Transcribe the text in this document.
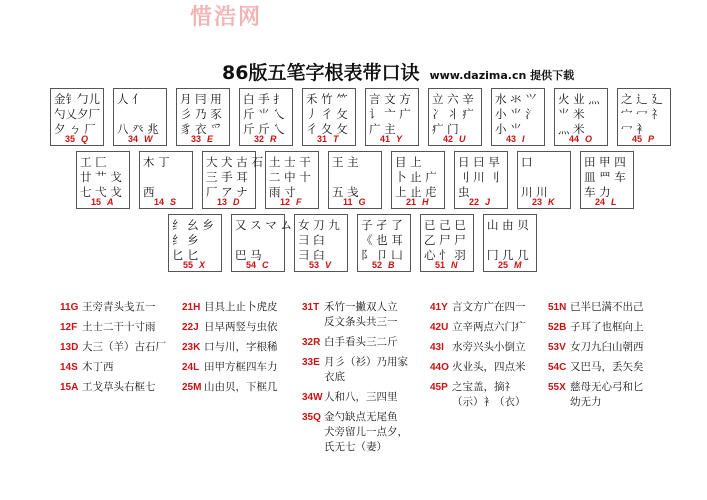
惜浩网
86版五笔字根表带口诀 www.dazima.cn 提供下载
金钅勹儿
勺乂夕厂
夕 ㄅ 厂
35 Q
人 亻

八 癶 兆
34 W
月 冃 用
彡 乃 豕
豸 衣 爫
33 E
白 手 扌
斤 ⺌ 乀
斤 斤 乀
32 R
禾 竹 ⺮
丿 彳 攵
彳 夂 攵
31 T
言 文 方
讠 亠 广
广 主
41 Y
立 六 辛
冫 丬 疒
疒 门
42 U
水 氺 ⺍
小 ⺌ 氵
小 ⺌
43 I
火 业 灬
⺌ 米
灬 米
44 O
之 辶 廴
宀 冖 礻
冖 衤
45 P
工 匚
廿 艹 戈
七 弋 戈
15 A
木 丁

西
14 S
大 犬 古 石
三 手 耳
厂 ア ナ
13 D
土 士 干
二 中 十
雨 寸
12 F
王 主

五 戋
11 G
目 上
卜 止 广
上 止 虍
21 H
日 曰 早
刂 川 刂
虫
22 J
口

川 川
23 K
田 甲 四
皿 罒 车
车 力
24 L
纟 幺 乡
纟 乡
匕 匕
55 X
又 ス マ ム

巴 马
54 C
女 刀 九
彐 臼
彐 臼
53 V
子 孑 了
《 也 耳
阝 卩 凵
52 B
已 己 巳
乙 尸 尸
心 忄 羽
51 N
山 由 贝

冂 几 几
25 M
11G 王旁青头戋五一
12F 土士二干十寸雨
13D 大三（羊）古石厂
14S 木丁西
15A 工戈草头右框七
21H 目具上止卜虎皮
22J 日早两竖与虫依
23K 口与川，字根稀
24L 田甲方框四车力
25M 山由贝，下框几
31T 禾竹一撇双人立
反文条头共三一
32R 白手看头三二斤
33E 月彡（衫）乃用家
衣底
34W 人和八，三四里
35Q 金勺缺点无尾鱼
犬旁留儿一点夕，
氏无七（妻）
41Y 言文方广在四一
42U 立辛两点六门疒
43I 水旁兴头小倒立
44O 火业头，四点米
45P 之宝盖，摘礻
（示）衤（衣）
51N 已半巳满不出己
52B 子耳了也框向上
53V 女刀九臼山朝西
54C 又巴马，丢矢矣
55X 慈母无心弓和匕
幼无力
